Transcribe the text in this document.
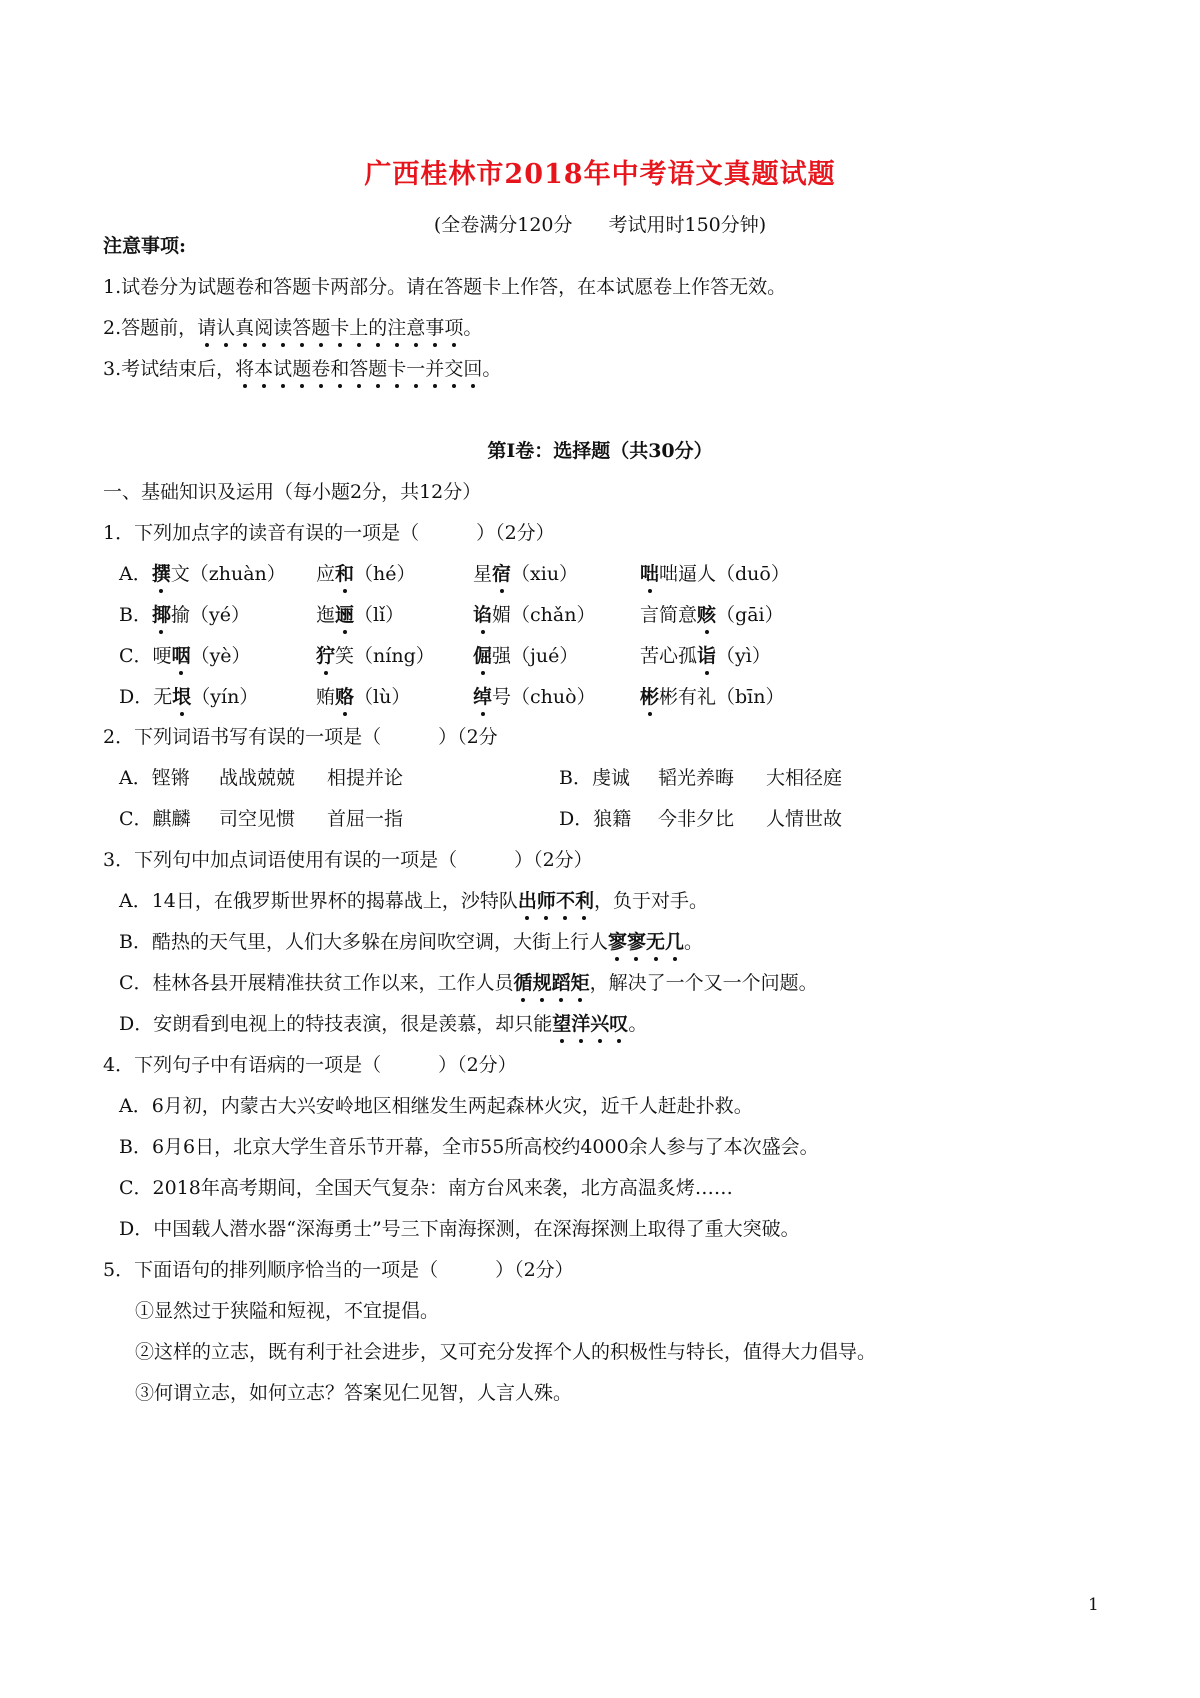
广西桂林市2018年中考语文真题试题
(全卷满分120分 考试用时150分钟)
注意事项:
1.试卷分为试题卷和答题卡两部分。请在答题卡上作答，在本试愿卷上作答无效。
2.答题前，请认真阅读答题卡上的注意事项。
3.考试结束后，将本试题卷和答题卡一并交回。
第Ⅰ卷：选择题（共30分）
一、基础知识及运用（每小题2分，共12分）
1．下列加点字的读音有误的一项是（　　　）（2分）
A．撰文（zhuàn） 应和（hé）	星宿（xiu）	咄咄逼人（duō）
B．揶揄（yé）	迤逦（lǐ）	谄媚（chǎn） 言简意赅（gāi）
C．哽咽（yè）	狞笑（níng） 倔强（jué）	苦心孤诣（yì）
D．无垠（yín）	贿赂（lù）	绰号（chuò） 彬彬有礼（bīn）
2．下列词语书写有误的一项是（　　　）（2分
A．铿锵 战战兢兢 相提并论	B．虔诚 韬光养晦 大相径庭
C．麒麟 司空见惯 首屈一指	D．狼籍 今非夕比 人情世故
3．下列句中加点词语使用有误的一项是（　　　）（2分）
A．14日，在俄罗斯世界杯的揭幕战上，沙特队出师不利，负于对手。
B．酷热的天气里，人们大多躲在房间吹空调，大街上行人寥寥无几。
C．桂林各县开展精准扶贫工作以来，工作人员循规蹈矩，解决了一个又一个问题。
D．安朗看到电视上的特技表演，很是羡慕，却只能望洋兴叹。
4．下列句子中有语病的一项是（　　　）（2分）
A．6月初，内蒙古大兴安岭地区相继发生两起森林火灾，近千人赶赴扑救。
B．6月6日，北京大学生音乐节开幕，全市55所高校约4000余人参与了本次盛会。
C．2018年高考期间，全国天气复杂：南方台风来袭，北方高温炙烤……
D．中国载人潜水器“深海勇士”号三下南海探测，在深海探测上取得了重大突破。
5．下面语句的排列顺序恰当的一项是（　　　）（2分）
①显然过于狭隘和短视，不宜提倡。
②这样的立志，既有利于社会进步，又可充分发挥个人的积极性与特长，值得大力倡导。
③何谓立志，如何立志？答案见仁见智，人言人殊。
1
